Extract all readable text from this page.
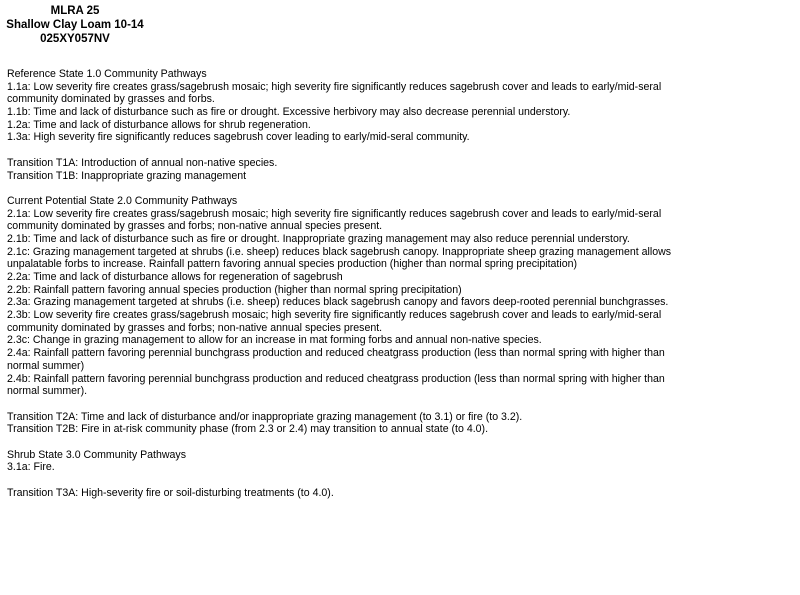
MLRA 25
Shallow Clay Loam 10-14
025XY057NV
Reference State 1.0 Community Pathways
1.1a: Low severity fire creates grass/sagebrush mosaic; high severity fire significantly reduces sagebrush cover and leads to early/mid-seral
community dominated by grasses and forbs.
1.1b: Time and lack of disturbance such as fire or drought. Excessive herbivory may also decrease perennial understory.
1.2a: Time and lack of disturbance allows for shrub regeneration.
1.3a: High severity fire significantly reduces sagebrush cover leading to early/mid-seral community.
Transition T1A: Introduction of annual non-native species.
Transition T1B: Inappropriate grazing management
Current Potential State 2.0 Community Pathways
2.1a: Low severity fire creates grass/sagebrush mosaic; high severity fire significantly reduces sagebrush cover and leads to early/mid-seral
community dominated by grasses and forbs; non-native annual species present.
2.1b: Time and lack of disturbance such as fire or drought. Inappropriate grazing management may also reduce perennial understory.
2.1c: Grazing management targeted at shrubs (i.e. sheep) reduces black sagebrush canopy. Inappropriate sheep grazing management allows
unpalatable forbs to increase. Rainfall pattern favoring annual species production (higher than normal spring precipitation)
2.2a: Time and lack of disturbance allows for regeneration of sagebrush
2.2b: Rainfall pattern favoring annual species production (higher than normal spring precipitation)
2.3a: Grazing management targeted at shrubs (i.e. sheep) reduces black sagebrush canopy and favors deep-rooted perennial bunchgrasses.
2.3b: Low severity fire creates grass/sagebrush mosaic; high severity fire significantly reduces sagebrush cover and leads to early/mid-seral
community dominated by grasses and forbs; non-native annual species present.
2.3c: Change in grazing management to allow for an increase in mat forming forbs and annual non-native species.
2.4a: Rainfall pattern favoring perennial bunchgrass production and reduced cheatgrass production (less than normal spring with higher than
normal summer)
2.4b: Rainfall pattern favoring perennial bunchgrass production and reduced cheatgrass production (less than normal spring with higher than
normal summer).
Transition T2A: Time and lack of disturbance and/or inappropriate grazing management (to 3.1) or fire (to 3.2).
Transition T2B: Fire in at-risk community phase (from 2.3 or 2.4) may transition to annual state (to 4.0).
Shrub State 3.0 Community Pathways
3.1a: Fire.
Transition T3A: High-severity fire or soil-disturbing treatments (to 4.0).
